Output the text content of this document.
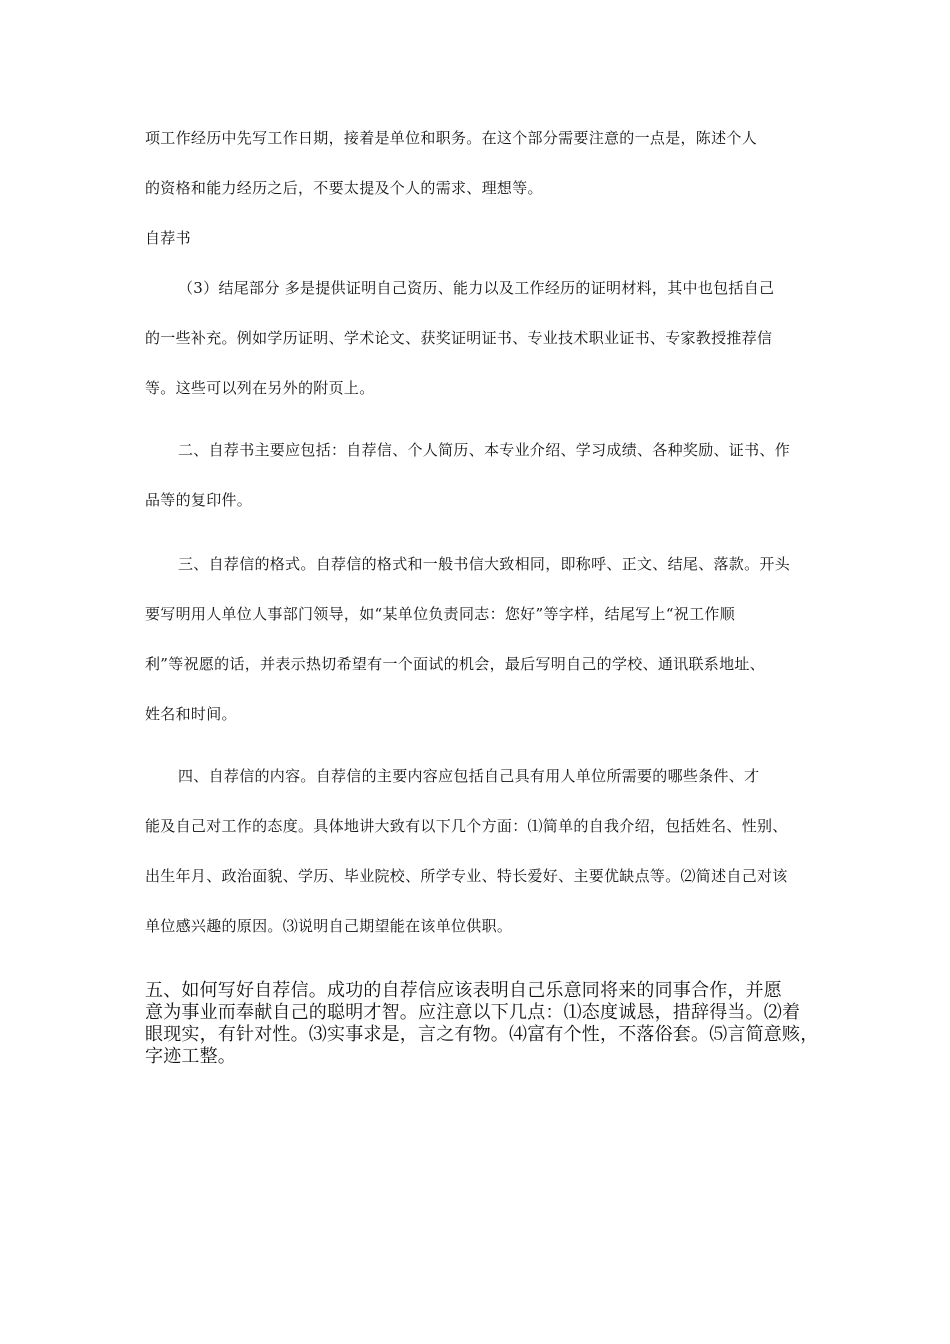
项工作经历中先写工作日期，接着是单位和职务。在这个部分需要注意的一点是，陈述个人
的资格和能力经历之后，不要太提及个人的需求、理想等。
自荐书
（3）结尾部分 多是提供证明自己资历、能力以及工作经历的证明材料，其中也包括自己
的一些补充。例如学历证明、学术论文、获奖证明证书、专业技术职业证书、专家教授推荐信
等。这些可以列在另外的附页上。
二、自荐书主要应包括：自荐信、个人简历、本专业介绍、学习成绩、各种奖励、证书、作
品等的复印件。
三、自荐信的格式。自荐信的格式和一般书信大致相同，即称呼、正文、结尾、落款。开头
要写明用人单位人事部门领导，如“某单位负责同志：您好”等字样，结尾写上“祝工作顺
利”等祝愿的话，并表示热切希望有一个面试的机会，最后写明自己的学校、通讯联系地址、
姓名和时间。
四、自荐信的内容。自荐信的主要内容应包括自己具有用人单位所需要的哪些条件、才
能及自己对工作的态度。具体地讲大致有以下几个方面：⑴简单的自我介绍，包括姓名、性别、
出生年月、政治面貌、学历、毕业院校、所学专业、特长爱好、主要优缺点等。⑵简述自己对该
单位感兴趣的原因。⑶说明自己期望能在该单位供职。
五、如何写好自荐信。成功的自荐信应该表明自己乐意同将来的同事合作，并愿
意为事业而奉献自己的聪明才智。应注意以下几点：⑴态度诚恳，措辞得当。⑵着
眼现实，有针对性。⑶实事求是，言之有物。⑷富有个性，不落俗套。⑸言简意赅，
字迹工整。
